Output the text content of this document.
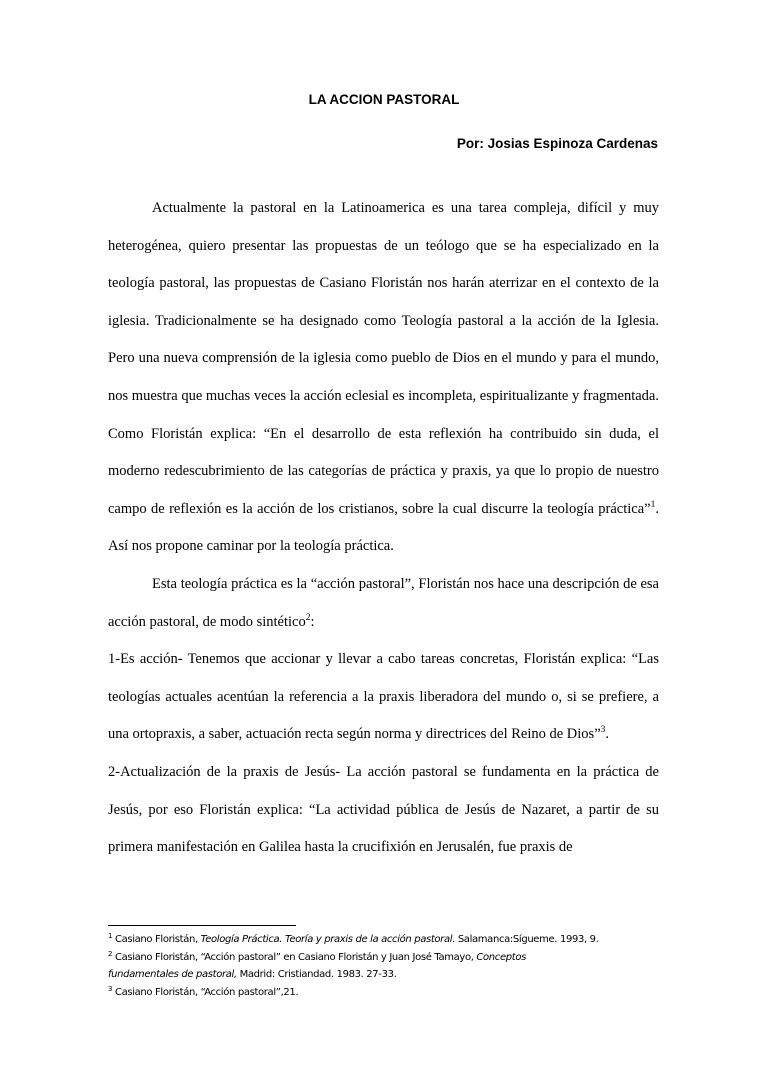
LA ACCION PASTORAL
Por: Josias Espinoza Cardenas

Actualmente la pastoral en la Latinoamerica es una tarea compleja, difícil y muy heterogénea, quiero presentar las propuestas de un teólogo que se ha especializado en la teología pastoral, las propuestas de Casiano Floristán nos harán aterrizar en el contexto de la iglesia. Tradicionalmente se ha designado como Teología pastoral a la acción de la Iglesia. Pero una nueva comprensión de la iglesia como pueblo de Dios en el mundo y para el mundo, nos muestra que muchas veces la acción eclesial es incompleta, espiritualizante y fragmentada. Como Floristán explica: “En el desarrollo de esta reflexión ha contribuido sin duda, el moderno redescubrimiento de las categorías de práctica y praxis, ya que lo propio de nuestro campo de reflexión es la acción de los cristianos, sobre la cual discurre la teología práctica”$^1$. Así nos propone caminar por la teología práctica.

Esta teología práctica es la “acción pastoral”, Floristán nos hace una descripción de esa acción pastoral, de modo sintético$^2$:

1-Es acción- Tenemos que accionar y llevar a cabo tareas concretas, Floristán explica: “Las teologías actuales acentúan la referencia a la praxis liberadora del mundo o, si se prefiere, a una ortopraxis, a saber, actuación recta según norma y directrices del Reino de Dios”$^3$.

2-Actualización de la praxis de Jesús- La acción pastoral se fundamenta en la práctica de Jesús, por eso Floristán explica: “La actividad pública de Jesús de Nazaret, a partir de su primera manifestación en Galilea hasta la crucifixión en Jerusalén, fue praxis de

$^1$ Casiano Floristán, Teología Práctica. Teoría y praxis de la acción pastoral. Salamanca:Sígueme. 1993, 9.

$^2$ Casiano Floristán, “Acción pastoral” en Casiano Floristán y Juan José Tamayo, Conceptos

fundamentales de pastoral, Madrid: Cristiandad. 1983. 27-33.

$^3$ Casiano Floristán, “Acción pastoral”,21.
